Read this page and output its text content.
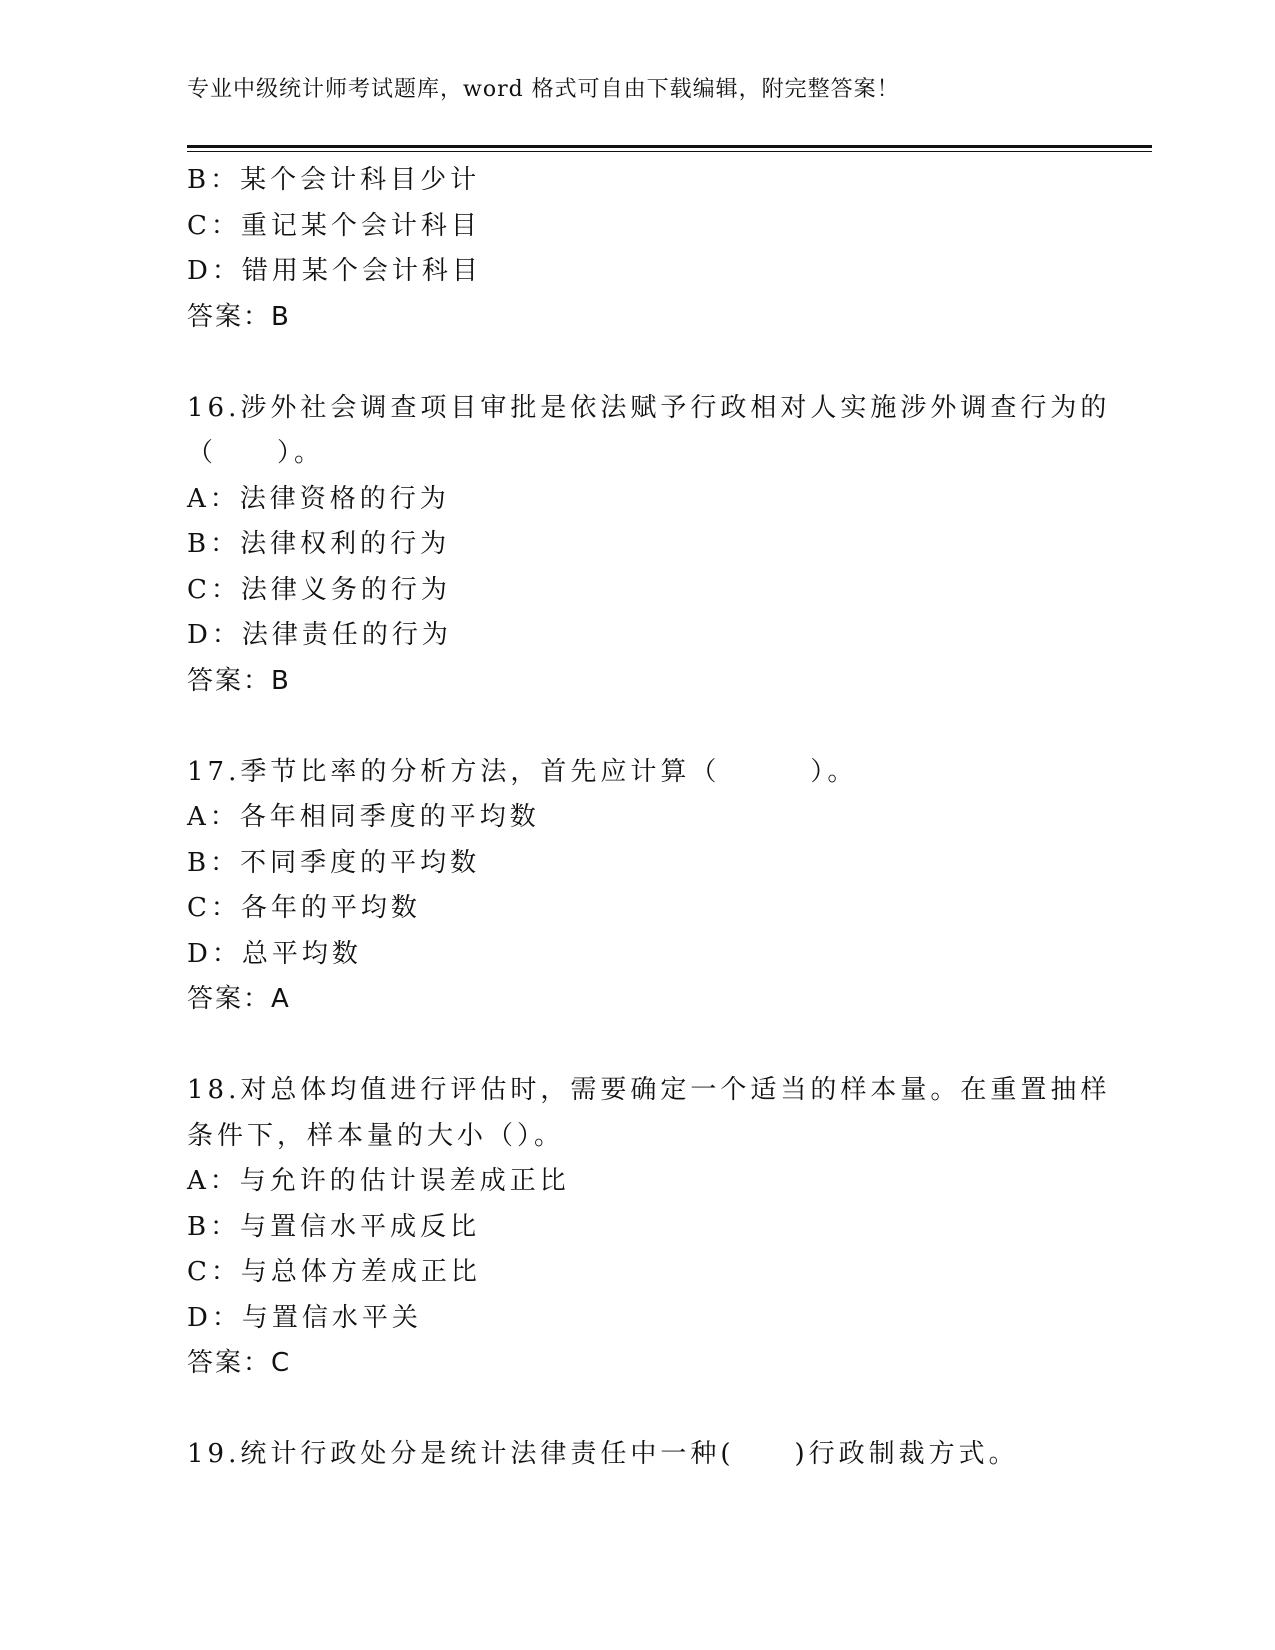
专业中级统计师考试题库，word 格式可自由下载编辑，附完整答案！
B：某个会计科目少计
C：重记某个会计科目
D：错用某个会计科目
答案：B
16.涉外社会调查项目审批是依法赋予行政相对人实施涉外调查行为的
（　　）。
A：法律资格的行为
B：法律权利的行为
C：法律义务的行为
D：法律责任的行为
答案：B
17.季节比率的分析方法，首先应计算（　　　）。
A：各年相同季度的平均数
B：不同季度的平均数
C：各年的平均数
D：总平均数
答案：A
18.对总体均值进行评估时，需要确定一个适当的样本量。在重置抽样
条件下，样本量的大小（）。
A：与允许的估计误差成正比
B：与置信水平成反比
C：与总体方差成正比
D：与置信水平关
答案：C
19.统计行政处分是统计法律责任中一种(　　)行政制裁方式。
